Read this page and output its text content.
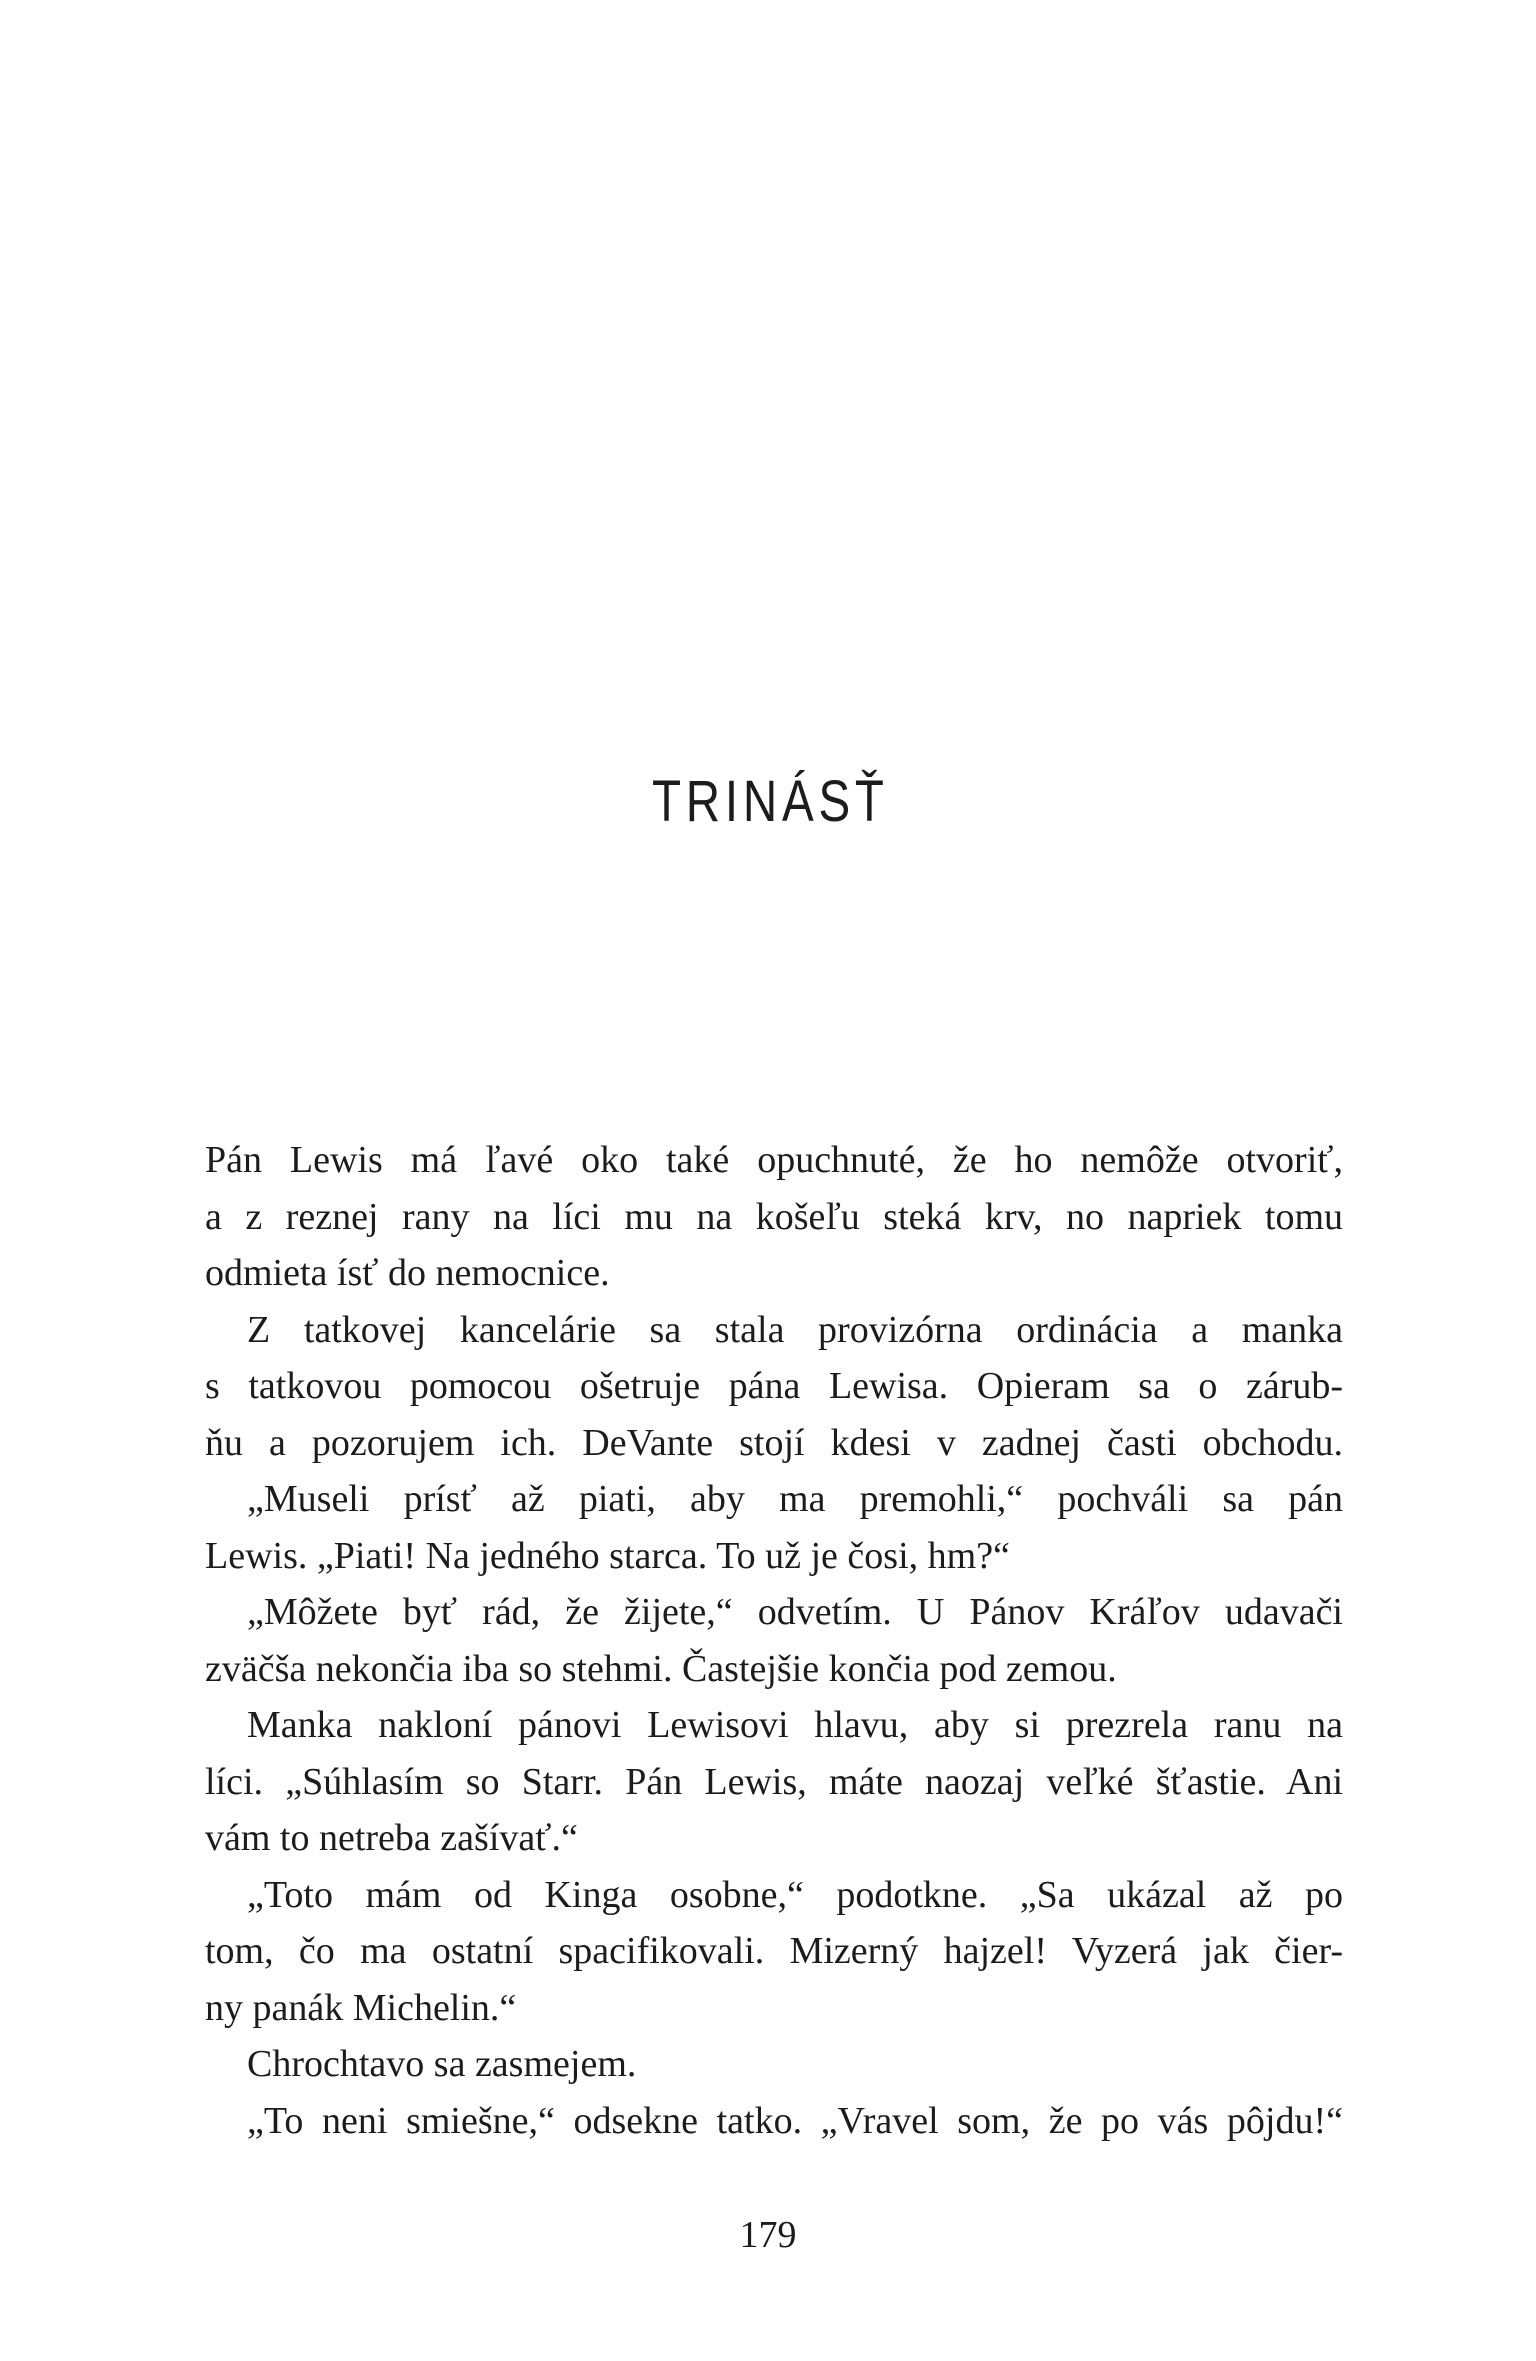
TRINÁSŤ
Pán Lewis má ľavé oko také opuchnuté, že ho nemôže otvoriť,
a z reznej rany na líci mu na košeľu steká krv, no napriek tomu
odmieta ísť do nemocnice.
Z tatkovej kancelárie sa stala provizórna ordinácia a manka
s tatkovou pomocou ošetruje pána Lewisa. Opieram sa o zárub-
ňu a pozorujem ich. DeVante stojí kdesi v zadnej časti obchodu.
„Museli prísť až piati, aby ma premohli,“ pochváli sa pán
Lewis. „Piati! Na jedného starca. To už je čosi, hm?“
„Môžete byť rád, že žijete,“ odvetím. U Pánov Kráľov udavači
zväčša nekončia iba so stehmi. Častejšie končia pod zemou.
Manka nakloní pánovi Lewisovi hlavu, aby si prezrela ranu na
líci. „Súhlasím so Starr. Pán Lewis, máte naozaj veľké šťastie. Ani
vám to netreba zašívať.“
„Toto mám od Kinga osobne,“ podotkne. „Sa ukázal až po
tom, čo ma ostatní spacifikovali. Mizerný hajzel! Vyzerá jak čier-
ny panák Michelin.“
Chrochtavo sa zasmejem.
„To neni smiešne,“ odsekne tatko. „Vravel som, že po vás pôjdu!“
179
